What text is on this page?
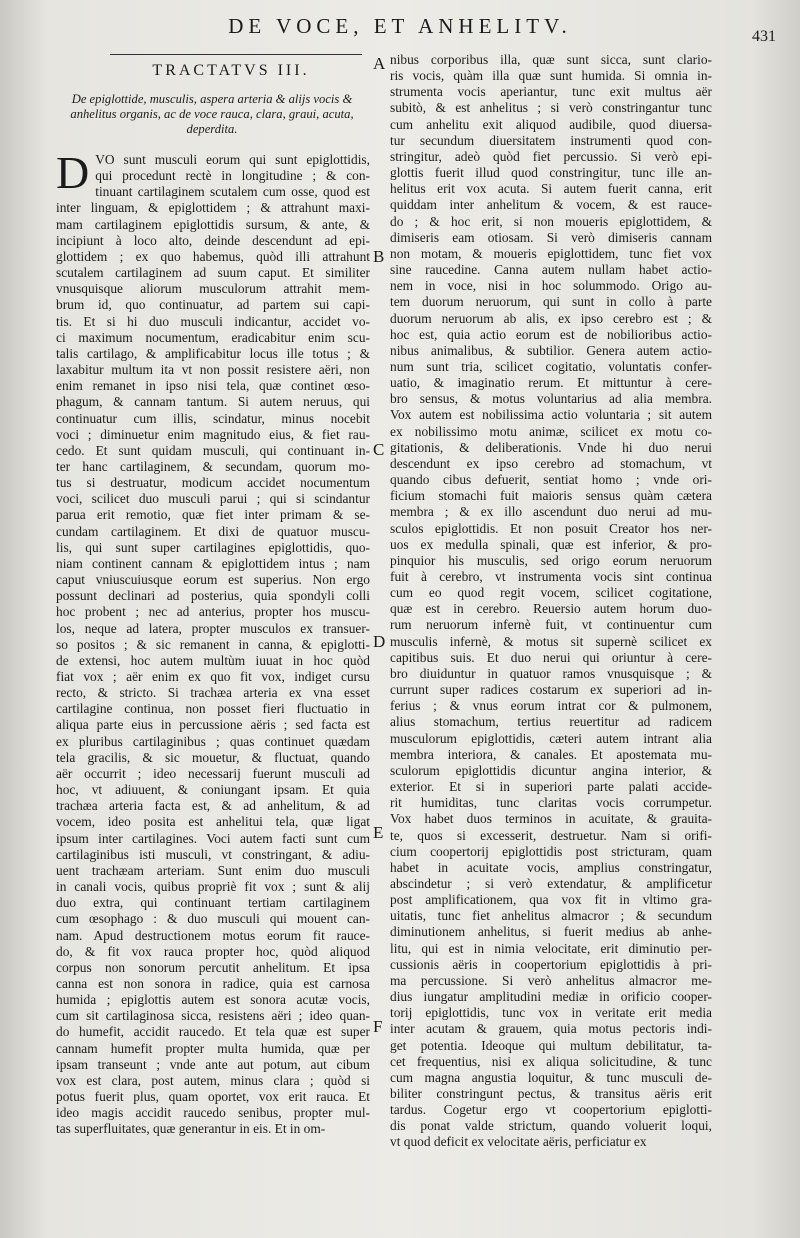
DE VOCE, ET ANHELITV.	431
TRACTATVS III.
De epiglottide, musculis, aspera arteria & alijs vocis & anhelitus organis, ac de voce rauca, clara, graui, acuta, deperdita.
D VO sunt musculi eorum qui sunt epiglottidis,
qui procedunt rectè in longitudine ; & con-
tinuant cartilaginem scutalem cum osse, quod est
inter linguam, & epiglottidem ; & attrahunt maxi-
mam cartilaginem epiglottidis sursum, & ante, &
incipiunt à loco alto, deinde descendunt ad epi-
glottidem ; ex quo habemus, quòd illi attrahunt
scutalem cartilaginem ad suum caput. Et similiter
vnusquisque aliorum musculorum attrahit mem-
brum id, quo continuatur, ad partem sui capi-
tis. Et si hi duo musculi indicantur, accidet vo-
ci maximum nocumentum, eradicabitur enim scu-
talis cartilago, & amplificabitur locus ille totus ; &
laxabitur multum ita vt non possit resistere aëri, non
enim remanet in ipso nisi tela, quæ continet œso-
phagum, & cannam tantum. Si autem neruus, qui
continuatur cum illis, scindatur, minus nocebit
voci ; diminuetur enim magnitudo eius, & fiet rau-
cedo. Et sunt quidam musculi, qui continuant in-
ter hanc cartilaginem, & secundam, quorum mo-
tus si destruatur, modicum accidet nocumentum
voci, scilicet duo musculi parui ; qui si scindantur
parua erit remotio, quæ fiet inter primam & se-
cundam cartilaginem. Et dixi de quatuor muscu-
lis, qui sunt super cartilagines epiglottidis, quo-
niam continent cannam & epiglottidem intus ; nam
caput vniuscuiusque eorum est superius. Non ergo
possunt declinari ad posterius, quia spondyli colli
hoc probent ; nec ad anterius, propter hos muscu-
los, neque ad latera, propter musculos ex transuer-
so positos ; & sic remanent in canna, & epiglotti-
de extensi, hoc autem multùm iuuat in hoc quòd
fiat vox ; aër enim ex quo fit vox, indiget cursu
recto, & stricto. Si trachæa arteria ex vna esset
cartilagine continua, non posset fieri fluctuatio in
aliqua parte eius in percussione aëris ; sed facta est
ex pluribus cartilaginibus ; quas continuet quædam
tela gracilis, & sic mouetur, & fluctuat, quando
aër occurrit ; ideo necessarij fuerunt musculi ad
hoc, vt adiuuent, & coniungant ipsam. Et quia
trachæa arteria facta est, & ad anhelitum, & ad
vocem, ideo posita est anhelitui tela, quæ ligat
ipsum inter cartilagines. Voci autem facti sunt cum
cartilaginibus isti musculi, vt constringant, & adiu-
uent trachæam arteriam. Sunt enim duo musculi
in canali vocis, quibus propriè fit vox ; sunt & alij
duo extra, qui continuant tertiam cartilaginem
cum œsophago : & duo musculi qui mouent can-
nam. Apud destructionem motus eorum fit rauce-
do, & fit vox rauca propter hoc, quòd aliquod
corpus non sonorum percutit anhelitum. Et ipsa
canna est non sonora in radice, quia est carnosa
humida ; epiglottis autem est sonora acutæ vocis,
cum sit cartilaginosa sicca, resistens aëri ; ideo quan-
do humefit, accidit raucedo. Et tela quæ est super
cannam humefit propter multa humida, quæ per
ipsam transeunt ; vnde ante aut potum, aut cibum
vox est clara, post autem, minus clara ; quòd si
potus fuerit plus, quam oportet, vox erit rauca. Et
ideo magis accidit raucedo senibus, propter mul-
tas superfluitates, quæ generantur in eis. Et in om-
nibus corporibus illa, quæ sunt sicca, sunt clario-
ris vocis, quàm illa quæ sunt humida. Si omnia in-
strumenta vocis aperiantur, tunc exit multus aër
subitò, & est anhelitus ; si verò constringantur tunc
cum anhelitu exit aliquod audibile, quod diuersa-
tur secundum diuersitatem instrumenti quod con-
stringitur, adeò quòd fiet percussio. Si verò epi-
glottis fuerit illud quod constringitur, tunc ille an-
helitus erit vox acuta. Si autem fuerit canna, erit
quiddam inter anhelitum & vocem, & est rauce-
do ; & hoc erit, si non moueris epiglottidem, &
dimiseris eam otiosam. Si verò dimiseris cannam
non motam, & moueris epiglottidem, tunc fiet vox
sine raucedine. Canna autem nullam habet actio-
nem in voce, nisi in hoc solummodo. Origo au-
tem duorum neruorum, qui sunt in collo à parte
duorum neruorum ab alis, ex ipso cerebro est ; &
hoc est, quia actio eorum est de nobilioribus actio-
nibus animalibus, & subtilior. Genera autem actio-
num sunt tria, scilicet cogitatio, voluntatis confer-
uatio, & imaginatio rerum. Et mittuntur à cere-
bro sensus, & motus voluntarius ad alia membra.
Vox autem est nobilissima actio voluntaria ; sit autem
ex nobilissimo motu animæ, scilicet ex motu co-
gitationis, & deliberationis. Vnde hi duo nerui
descendunt ex ipso cerebro ad stomachum, vt
quando cibus defuerit, sentiat homo ; vnde ori-
ficium stomachi fuit maioris sensus quàm cætera
membra ; & ex illo ascendunt duo nerui ad mu-
sculos epiglottidis. Et non posuit Creator hos ner-
uos ex medulla spinali, quæ est inferior, & pro-
pinquior his musculis, sed origo eorum neruorum
fuit à cerebro, vt instrumenta vocis sint continua
cum eo quod regit vocem, scilicet cogitatione,
quæ est in cerebro. Reuersio autem horum duo-
rum neruorum infernè fuit, vt continuentur cum
musculis infernè, & motus sit supernè scilicet ex
capitibus suis. Et duo nerui qui oriuntur à cere-
bro diuiduntur in quatuor ramos vnusquisque ; &
currunt super radices costarum ex superiori ad in-
ferius ; & vnus eorum intrat cor & pulmonem,
alius stomachum, tertius reuertitur ad radicem
musculorum epiglottidis, cæteri autem intrant alia
membra interiora, & canales. Et apostemata mu-
sculorum epiglottidis dicuntur angina interior, &
exterior. Et si in superiori parte palati accide-
rit humiditas, tunc claritas vocis corrumpetur.
Vox habet duos terminos in acuitate, & grauita-
te, quos si excesserit, destruetur. Nam si orifi-
cium coopertorij epiglottidis post stricturam, quam
habet in acuitate vocis, amplius constringatur,
abscindetur ; si verò extendatur, & amplificetur
post amplificationem, qua vox fit in vltimo gra-
uitatis, tunc fiet anhelitus almacror ; & secundum
diminutionem anhelitus, si fuerit medius ab anhe-
litu, qui est in nimia velocitate, erit diminutio per-
cussionis aëris in coopertorium epiglottidis à pri-
ma percussione. Si verò anhelitus almacror me-
dius iungatur amplitudini mediæ in orificio cooper-
torij epiglottidis, tunc vox in veritate erit media
inter acutam & grauem, quia motus pectoris indi-
get potentia. Ideoque qui multum debilitatur, ta-
cet frequentius, nisi ex aliqua solicitudine, & tunc
cum magna angustia loquitur, & tunc musculi de-
biliter constringunt pectus, & transitus aëris erit
tardus. Cogetur ergo vt coopertorium epiglotti-
dis ponat valde strictum, quando voluerit loqui,
vt quod deficit ex velocitate aëris, perficiatur ex
A
B
C
D
E
F
